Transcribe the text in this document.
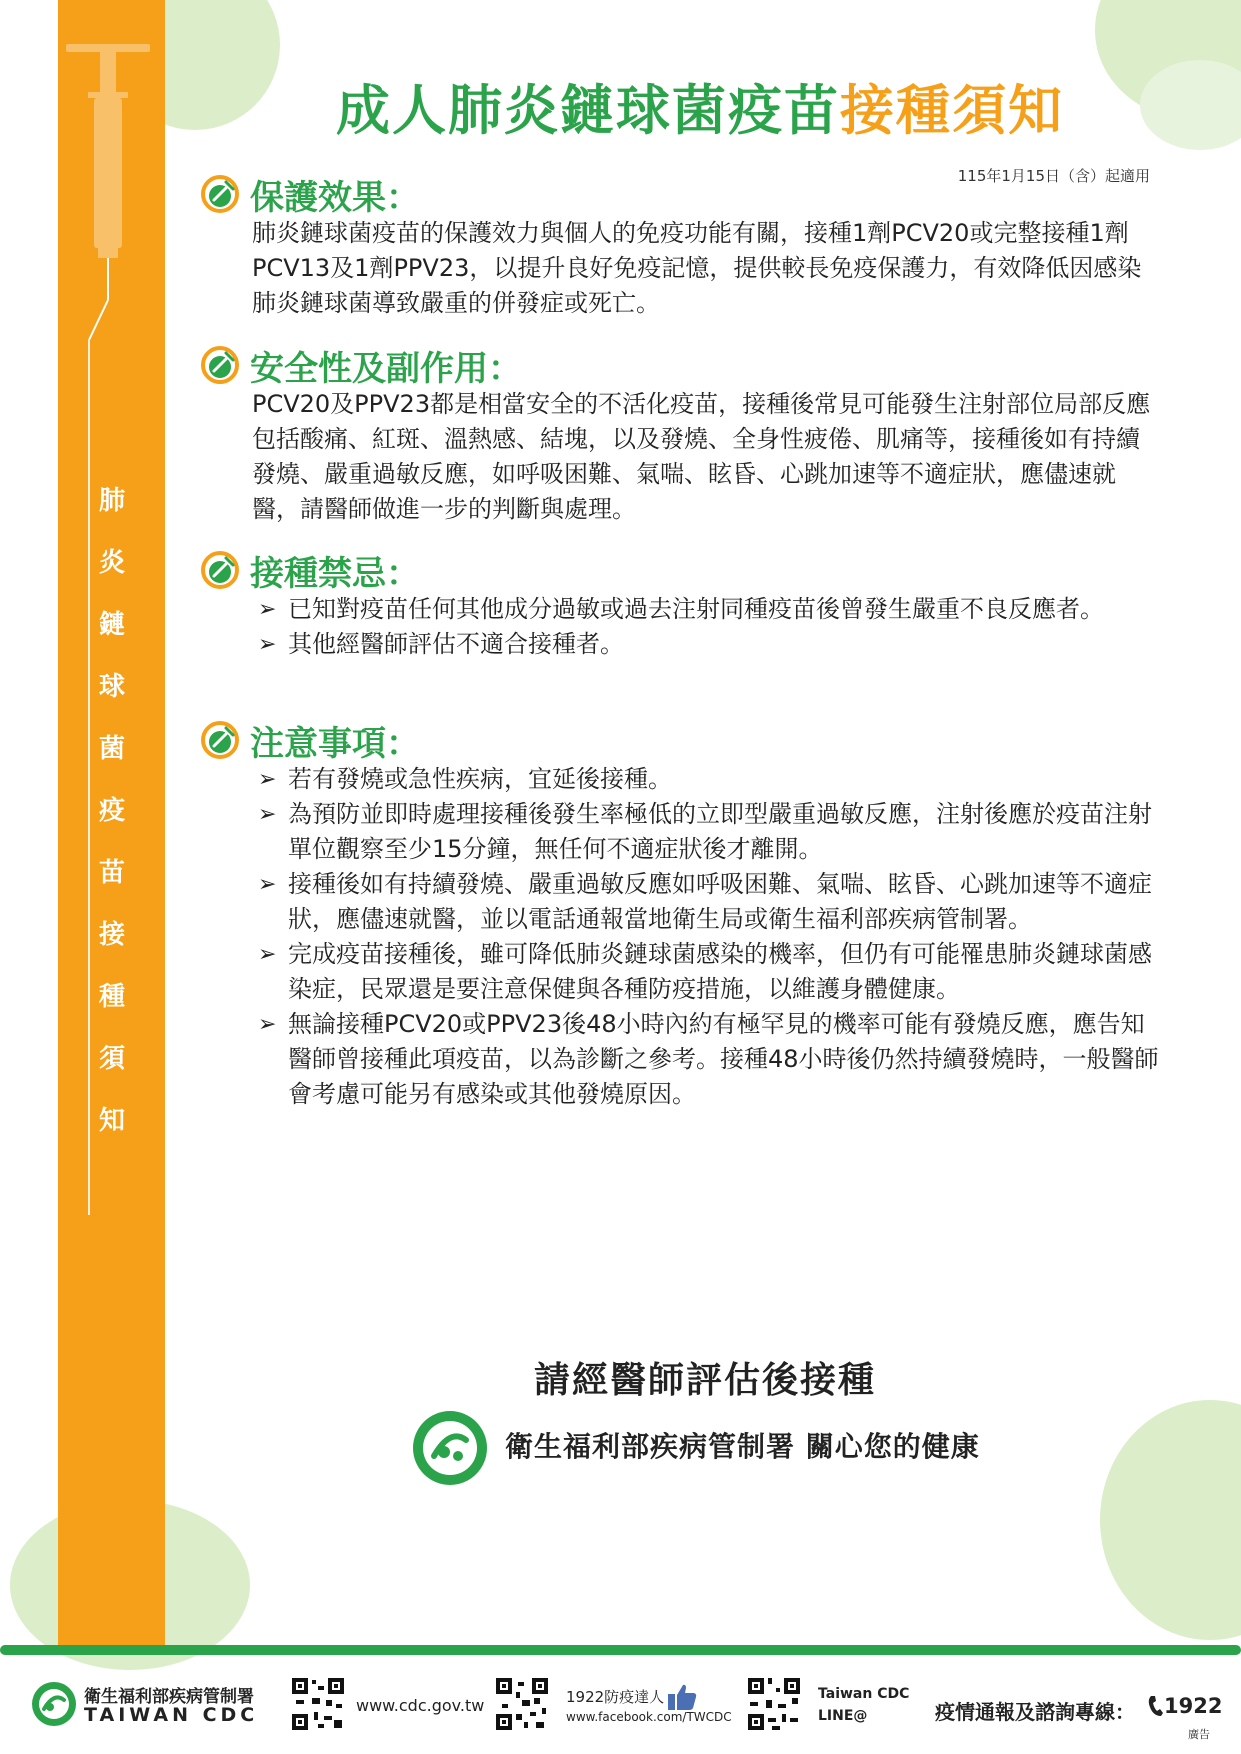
肺
炎
鏈
球
菌
疫
苗
接
種
須
知
成人肺炎鏈球菌疫苗接種須知
115年1月15日（含）起適用
保護效果：

肺炎鏈球菌疫苗的保護效力與個人的免疫功能有關，接種1劑PCV20或完整接種1劑PCV13及1劑PPV23，以提升良好免疫記憶，提供較長免疫保護力，有效降低因感染肺炎鏈球菌導致嚴重的併發症或死亡。

安全性及副作用：

PCV20及PPV23都是相當安全的不活化疫苗，接種後常見可能發生注射部位局部反應包括酸痛、紅斑、溫熱感、結塊，以及發燒、全身性疲倦、肌痛等，接種後如有持續發燒、嚴重過敏反應，如呼吸困難、氣喘、眩昏、心跳加速等不適症狀，應儘速就醫，請醫師做進一步的判斷與處理。

接種禁忌：
➢ 已知對疫苗任何其他成分過敏或過去注射同種疫苗後曾發生嚴重不良反應者。
➢ 其他經醫師評估不適合接種者。
注意事項：
➢ 若有發燒或急性疾病，宜延後接種。
➢ 為預防並即時處理接種後發生率極低的立即型嚴重過敏反應，注射後應於疫苗注射單位觀察至少15分鐘，無任何不適症狀後才離開。
➢ 接種後如有持續發燒、嚴重過敏反應如呼吸困難、氣喘、眩昏、心跳加速等不適症狀，應儘速就醫，並以電話通報當地衛生局或衛生福利部疾病管制署。
➢ 完成疫苗接種後，雖可降低肺炎鏈球菌感染的機率，但仍有可能罹患肺炎鏈球菌感染症，民眾還是要注意保健與各種防疫措施，以維護身體健康。
➢ 無論接種PCV20或PPV23後48小時內約有極罕見的機率可能有發燒反應，應告知醫師曾接種此項疫苗，以為診斷之參考。接種48小時後仍然持續發燒時，一般醫師會考慮可能另有感染或其他發燒原因。
請經醫師評估後接種
衛生福利部疾病管制署 關心您的健康
衛生福利部疾病管制署
TAIWAN CDC	www.cdc.gov.tw	1922防疫達人
www.facebook.com/TWCDC
Taiwan CDC
LINE@	疫情通報及諮詢專線： 1922
廣告
